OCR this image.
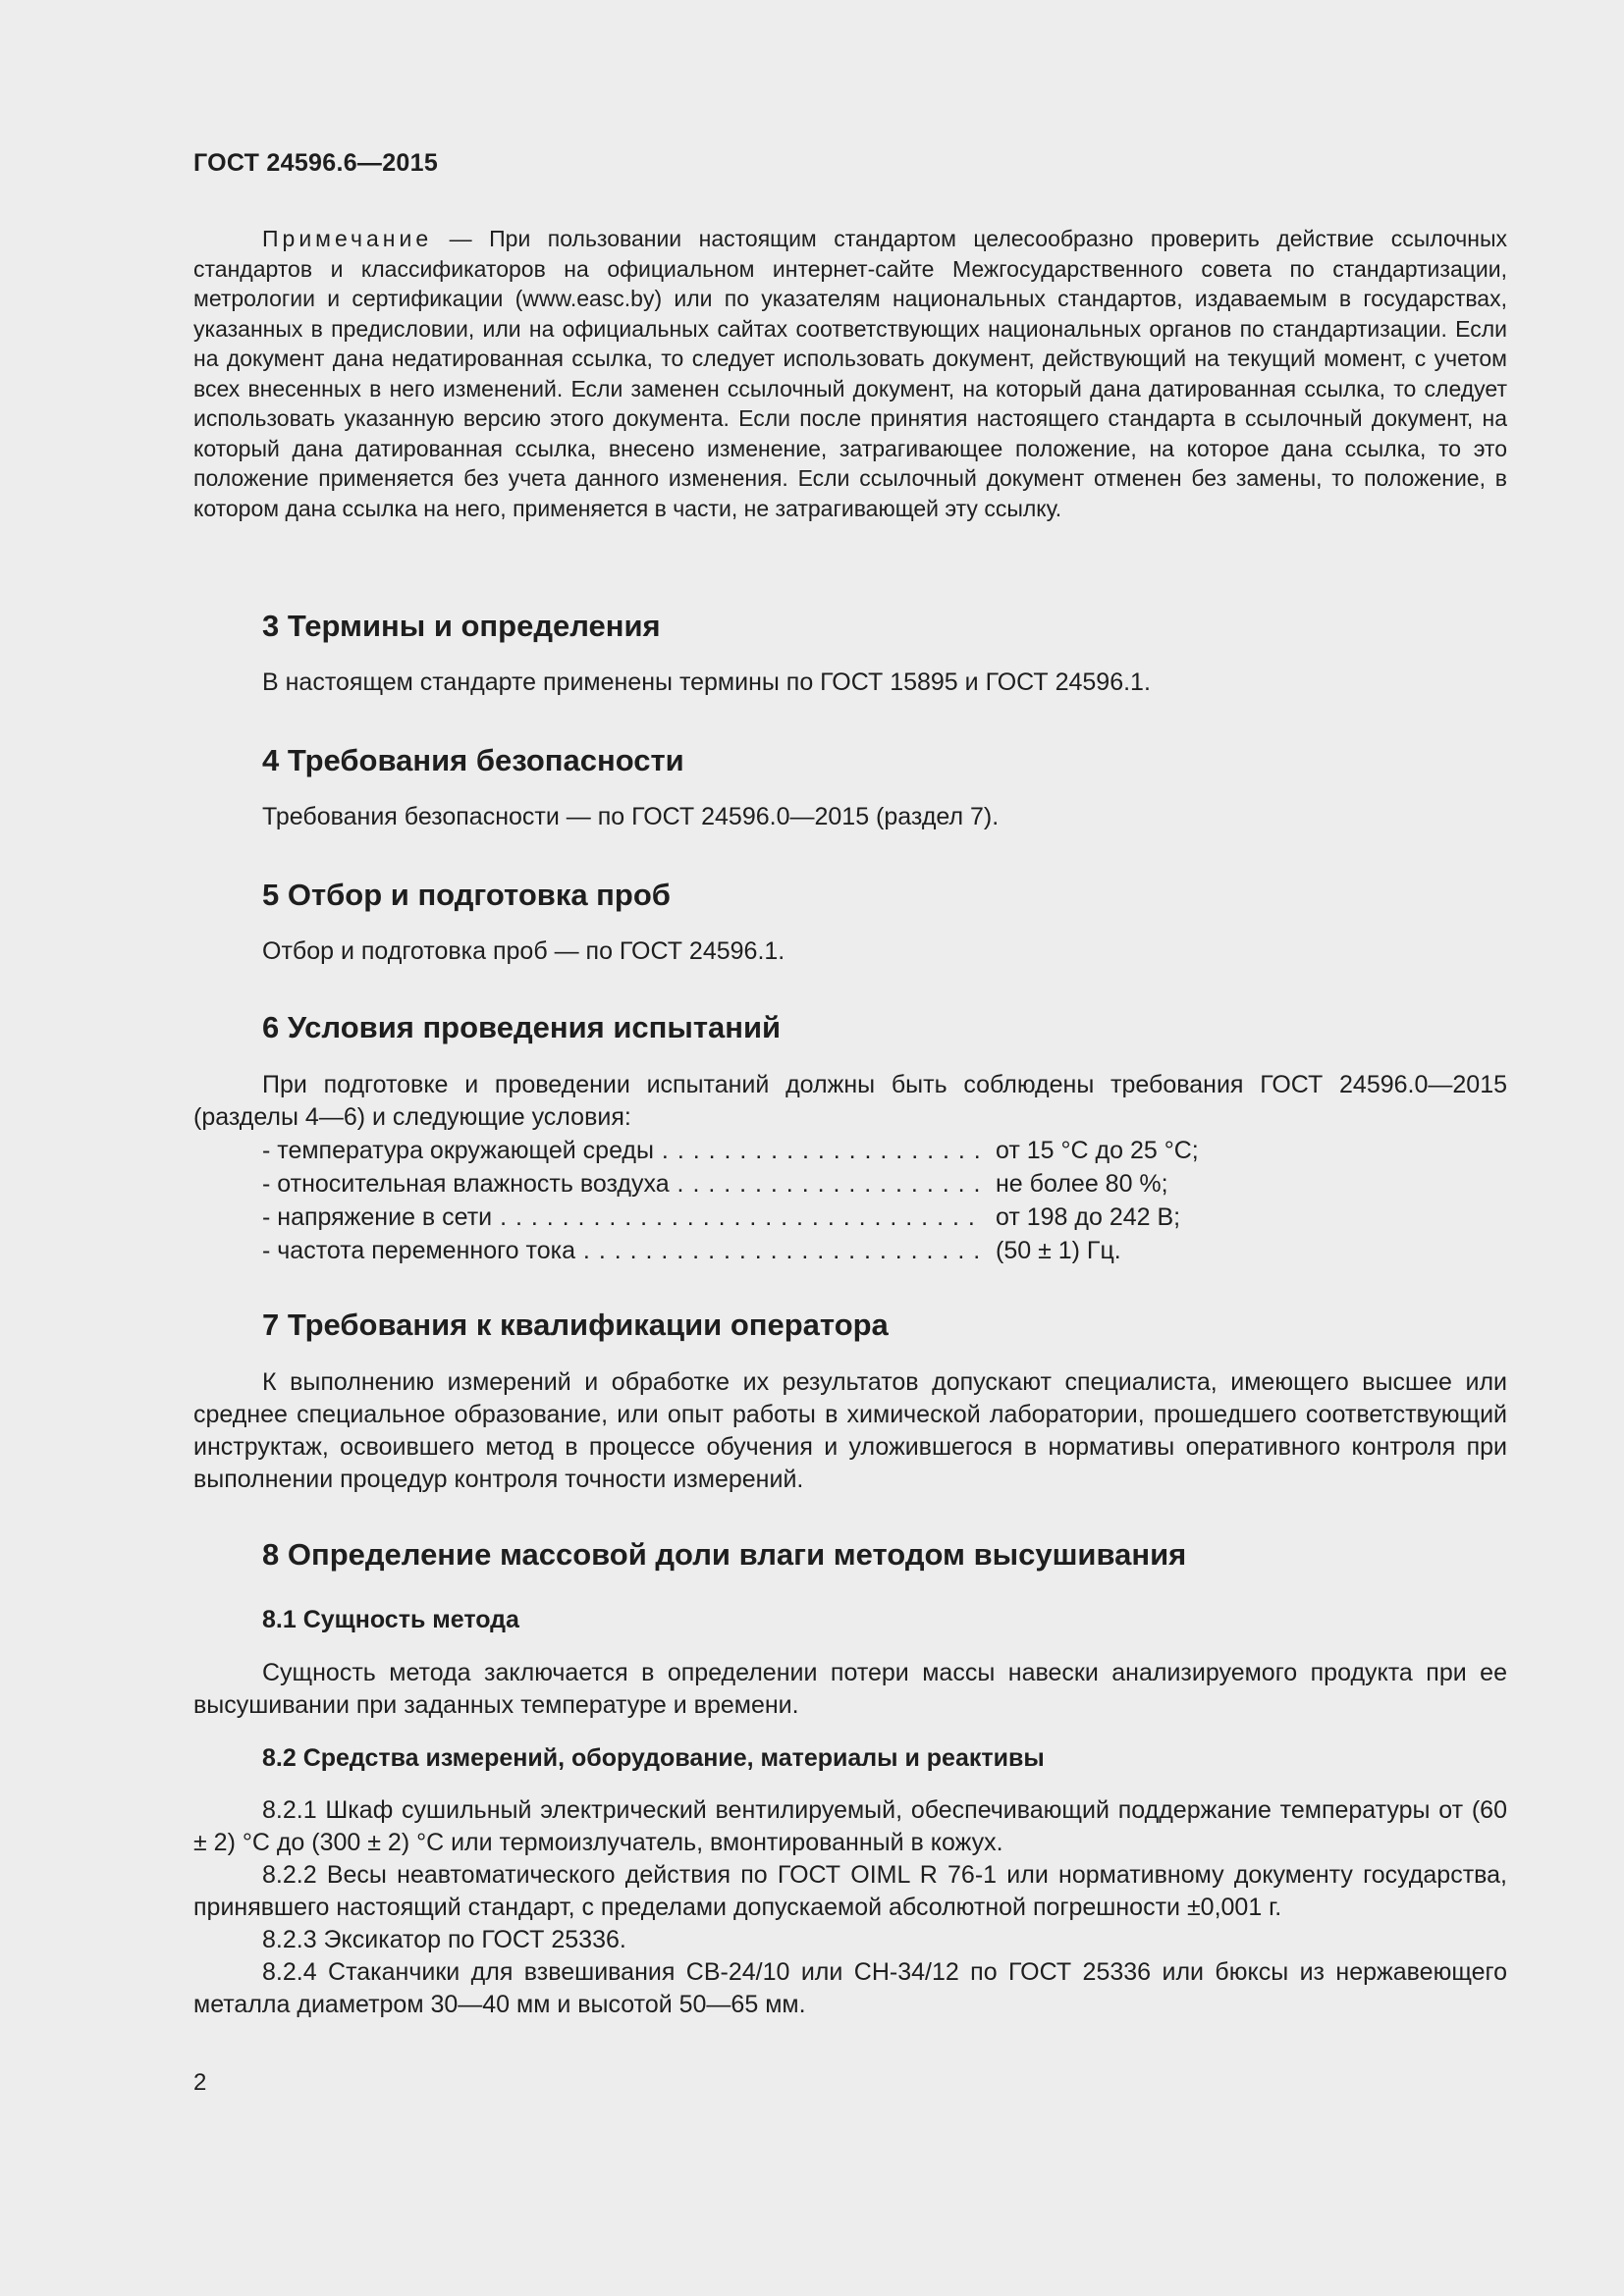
ГОСТ 24596.6—2015

Примечание — При пользовании настоящим стандартом целесообразно проверить действие ссылочных стандартов и классификаторов на официальном интернет-сайте Межгосударственного совета по стандартизации, метрологии и сертификации (www.easc.by) или по указателям национальных стандартов, издаваемым в государствах, указанных в предисловии, или на официальных сайтах соответствующих национальных органов по стандартизации. Если на документ дана недатированная ссылка, то следует использовать документ, действующий на текущий момент, с учетом всех внесенных в него изменений. Если заменен ссылочный документ, на который дана датированная ссылка, то следует использовать указанную версию этого документа. Если после принятия настоящего стандарта в ссылочный документ, на который дана датированная ссылка, внесено изменение, затрагивающее положение, на которое дана ссылка, то это положение применяется без учета данного изменения. Если ссылочный документ отменен без замены, то положение, в котором дана ссылка на него, применяется в части, не затрагивающей эту ссылку.

3 Термины и определения

В настоящем стандарте применены термины по ГОСТ 15895 и ГОСТ 24596.1.

4 Требования безопасности

Требования безопасности — по ГОСТ 24596.0—2015 (раздел 7).

5 Отбор и подготовка проб

Отбор и подготовка проб — по ГОСТ 24596.1.

6 Условия проведения испытаний

При подготовке и проведении испытаний должны быть соблюдены требования ГОСТ 24596.0—2015 (разделы 4—6) и следующие условия:

- температура окружающей среды . . .	от 15 °С до 25 °С;
- относительная влажность воздуха . . .	не более 80 %;
- напряжение в сети . . .	от 198 до 242 В;
- частота переменного тока . . .	(50 ± 1) Гц.
7 Требования к квалификации оператора

К выполнению измерений и обработке их результатов допускают специалиста, имеющего высшее или среднее специальное образование, или опыт работы в химической лаборатории, прошедшего соответствующий инструктаж, освоившего метод в процессе обучения и уложившегося в нормативы оперативного контроля при выполнении процедур контроля точности измерений.

8 Определение массовой доли влаги методом высушивания
8.1 Сущность метода

Сущность метода заключается в определении потери массы навески анализируемого продукта при ее высушивании при заданных температуре и времени.

8.2 Средства измерений, оборудование, материалы и реактивы

8.2.1 Шкаф сушильный электрический вентилируемый, обеспечивающий поддержание температуры от (60 ± 2) °С до (300 ± 2) °С или термоизлучатель, вмонтированный в кожух.

8.2.2 Весы неавтоматического действия по ГОСТ OIML R 76-1 или нормативному документу государства, принявшего настоящий стандарт, с пределами допускаемой абсолютной погрешности ±0,001 г.

8.2.3 Эксикатор по ГОСТ 25336.

8.2.4 Стаканчики для взвешивания СВ-24/10 или СН-34/12 по ГОСТ 25336 или бюксы из нержавеющего металла диаметром 30—40 мм и высотой 50—65 мм.

2
